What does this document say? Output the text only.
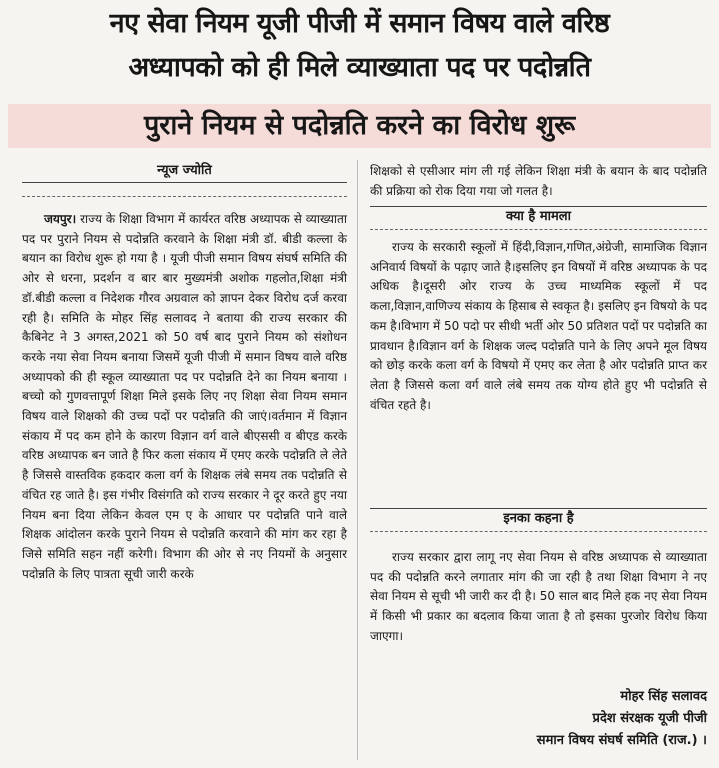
नए सेवा नियम यूजी पीजी में समान विषय वाले वरिष्ठ
अध्यापको को ही मिले व्याख्याता पद पर पदोन्नति
पुराने नियम से पदोन्नति करने का विरोध शुरू
न्यूज ज्योति

जयपुर। राज्य के शिक्षा विभाग में कार्यरत वरिष्ठ अध्यापक से व्याख्याता पद पर पुराने नियम से पदोन्नति करवाने के शिक्षा मंत्री डॉ. बीडी कल्ला के बयान का विरोध शुरू हो गया है । यूजी पीजी समान विषय संघर्ष समिति की ओर से धरना, प्रदर्शन व बार बार मुख्यमंत्री अशोक गहलोत,शिक्षा मंत्री डॉ.बीडी कल्ला व निदेशक गौरव अग्रवाल को ज्ञापन देकर विरोध दर्ज करवा रही है। समिति के मोहर सिंह सलावद ने बताया की राज्य सरकार की कैबिनेट ने 3 अगस्त,2021 को 50 वर्ष बाद पुराने नियम को संशोधन करके नया सेवा नियम बनाया जिसमें यूजी पीजी में समान विषय वाले वरिष्ठ अध्यापको की ही स्कूल व्याख्याता पद पर पदोन्नति देने का नियम बनाया ।बच्चो को गुणवत्तापूर्ण शिक्षा मिले इसके लिए नए शिक्षा सेवा नियम समान विषय वाले शिक्षको की उच्च पदों पर पदोन्नति की जाएं।वर्तमान में विज्ञान संकाय में पद कम होने के कारण विज्ञान वर्ग वाले बीएससी व बीएड करके वरिष्ठ अध्यापक बन जाते है फिर कला संकाय में एमए करके पदोन्नति ले लेते है जिससे वास्तविक हकदार कला वर्ग के शिक्षक लंबे समय तक पदोन्नति से वंचित रह जाते है। इस गंभीर विसंगति को राज्य सरकार ने दूर करते हुए नया नियम बना दिया लेकिन केवल एम ए के आधार पर पदोन्नति पाने वाले शिक्षक आंदोलन करके पुराने नियम से पदोन्नति करवाने की मांग कर रहा है जिसे समिति सहन नहीं करेगी। विभाग की ओर से नए नियमों के अनुसार पदोन्नति के लिए पात्रता सूची जारी करके

शिक्षको से एसीआर मांग ली गई लेकिन शिक्षा मंत्री के बयान के बाद पदोन्नति की प्रक्रिया को रोक दिया गया जो गलत है।

क्या है मामला

राज्य के सरकारी स्कूलों में हिंदी,विज्ञान,गणित,अंग्रेजी, सामाजिक विज्ञान अनिवार्य विषयों के पढ़ाए जाते है।इसलिए इन विषयों में वरिष्ठ अध्यापक के पद अधिक है।दूसरी ओर राज्य के उच्च माध्यमिक स्कूलों में पद कला,विज्ञान,वाणिज्य संकाय के हिसाब से स्वकृत है। इसलिए इन विषयो के पद कम है।विभाग में 50 पदो पर सीधी भर्ती ओर 50 प्रतिशत पदों पर पदोन्नति का प्रावधान है।विज्ञान वर्ग के शिक्षक जल्द पदोन्नति पाने के लिए अपने मूल विषय को छोड़ करके कला वर्ग के विषयो में एमए कर लेता है ओर पदोन्नति प्राप्त कर लेता है जिससे कला वर्ग वाले लंबे समय तक योग्य होते हुए भी पदोन्नति से वंचित रहते है।

इनका कहना है

राज्य सरकार द्वारा लागू नए सेवा नियम से वरिष्ठ अध्यापक से व्याख्याता पद की पदोन्नति करने लगातार मांग की जा रही है तथा शिक्षा विभाग ने नए सेवा नियम से सूची भी जारी कर दी है। 50 साल बाद मिले हक नए सेवा नियम में किसी भी प्रकार का बदलाव किया जाता है तो इसका पुरजोर विरोध किया जाएगा।

मोहर सिंह सलावद
प्रदेश संरक्षक यूजी पीजी
समान विषय संघर्ष समिति (राज.) ।
